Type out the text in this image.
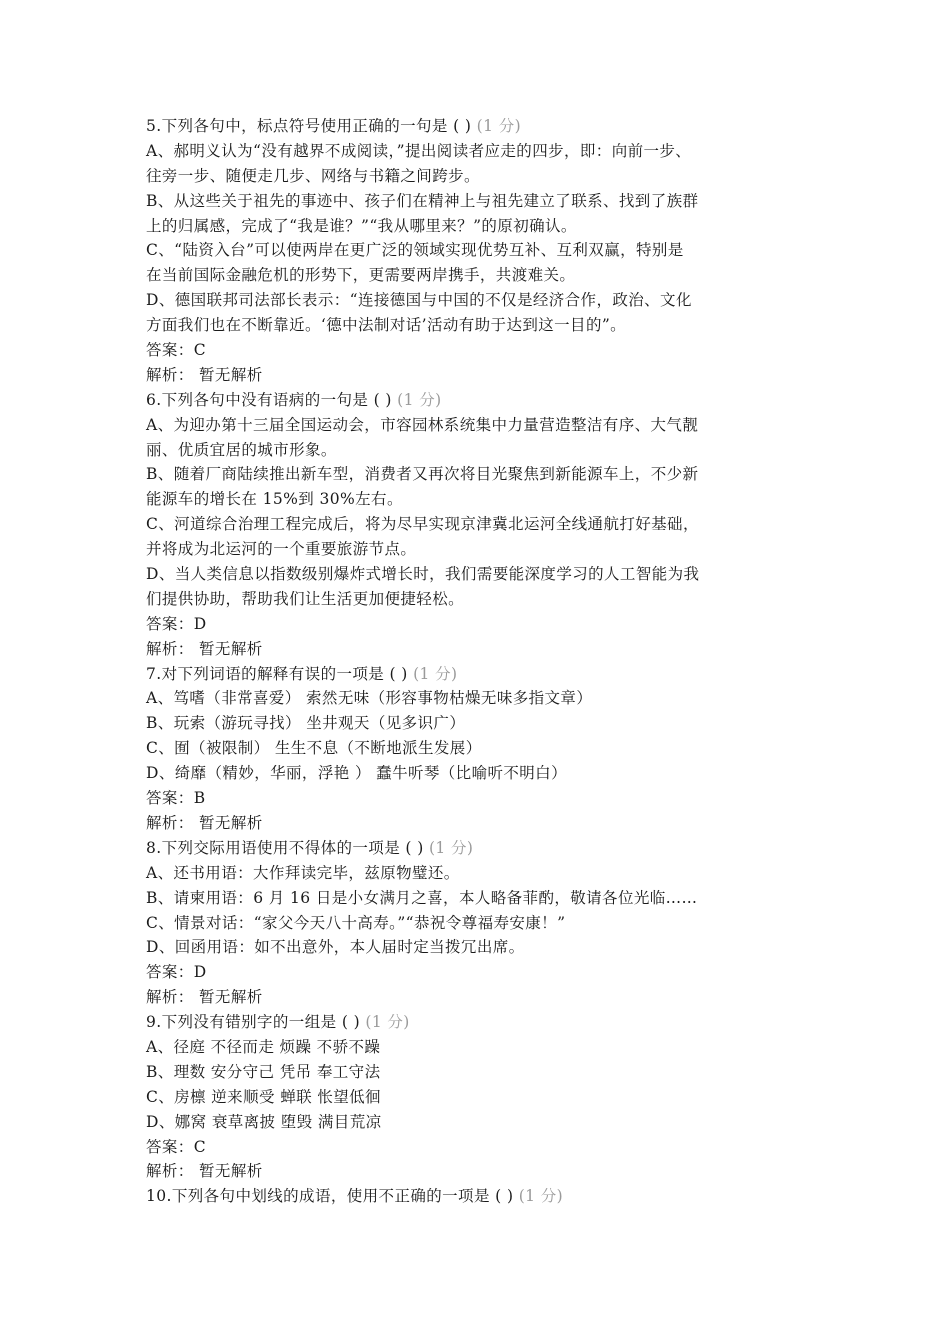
5.下列各句中，标点符号使用正确的一句是 ( ) (1 分)
A、郝明义认为“没有越界不成阅读，”提出阅读者应走的四步，即：向前一步、
往旁一步、随便走几步、网络与书籍之间跨步。
B、从这些关于祖先的事迹中、孩子们在精神上与祖先建立了联系、找到了族群
上的归属感，完成了“我是谁？”“我从哪里来？”的原初确认。
C、“陆资入台”可以使两岸在更广泛的领域实现优势互补、互利双赢，特别是
在当前国际金融危机的形势下，更需要两岸携手，共渡难关。
D、德国联邦司法部长表示：“连接德国与中国的不仅是经济合作，政治、文化
方面我们也在不断靠近。‘德中法制对话’活动有助于达到这一目的”。
答案：C
解析： 暂无解析
6.下列各句中没有语病的一句是 ( ) (1 分)
A、为迎办第十三届全国运动会，市容园林系统集中力量营造整洁有序、大气靓
丽、优质宜居的城市形象。
B、随着厂商陆续推出新车型，消费者又再次将目光聚焦到新能源车上，不少新
能源车的增长在 15%到 30%左右。
C、河道综合治理工程完成后，将为尽早实现京津冀北运河全线通航打好基础，
并将成为北运河的一个重要旅游节点。
D、当人类信息以指数级别爆炸式增长时，我们需要能深度学习的人工智能为我
们提供协助，帮助我们让生活更加便捷轻松。
答案：D
解析： 暂无解析
7.对下列词语的解释有误的一项是 ( ) (1 分)
A、笃嗜（非常喜爱） 索然无味（形容事物枯燥无味多指文章）
B、玩索（游玩寻找） 坐井观天（见多识广）
C、囿（被限制） 生生不息（不断地派生发展）
D、绮靡（精妙，华丽，浮艳 ） 蠢牛听琴（比喻听不明白）
答案：B
解析： 暂无解析
8.下列交际用语使用不得体的一项是 ( ) (1 分)
A、还书用语：大作拜读完毕，兹原物璧还。
B、请柬用语：6 月 16 日是小女满月之喜，本人略备菲酌，敬请各位光临……
C、情景对话：“家父今天八十高寿。”“恭祝令尊福寿安康！”
D、回函用语：如不出意外，本人届时定当拨冗出席。
答案：D
解析： 暂无解析
9.下列没有错别字的一组是 ( ) (1 分)
A、径庭 不径而走 烦躁 不骄不躁
B、理数 安分守己 凭吊 奉工守法
C、房檩 逆来顺受 蝉联 怅望低徊
D、娜窝 衰草离披 堕毁 满目荒凉
答案：C
解析： 暂无解析
10.下列各句中划线的成语，使用不正确的一项是 ( ) (1 分)
